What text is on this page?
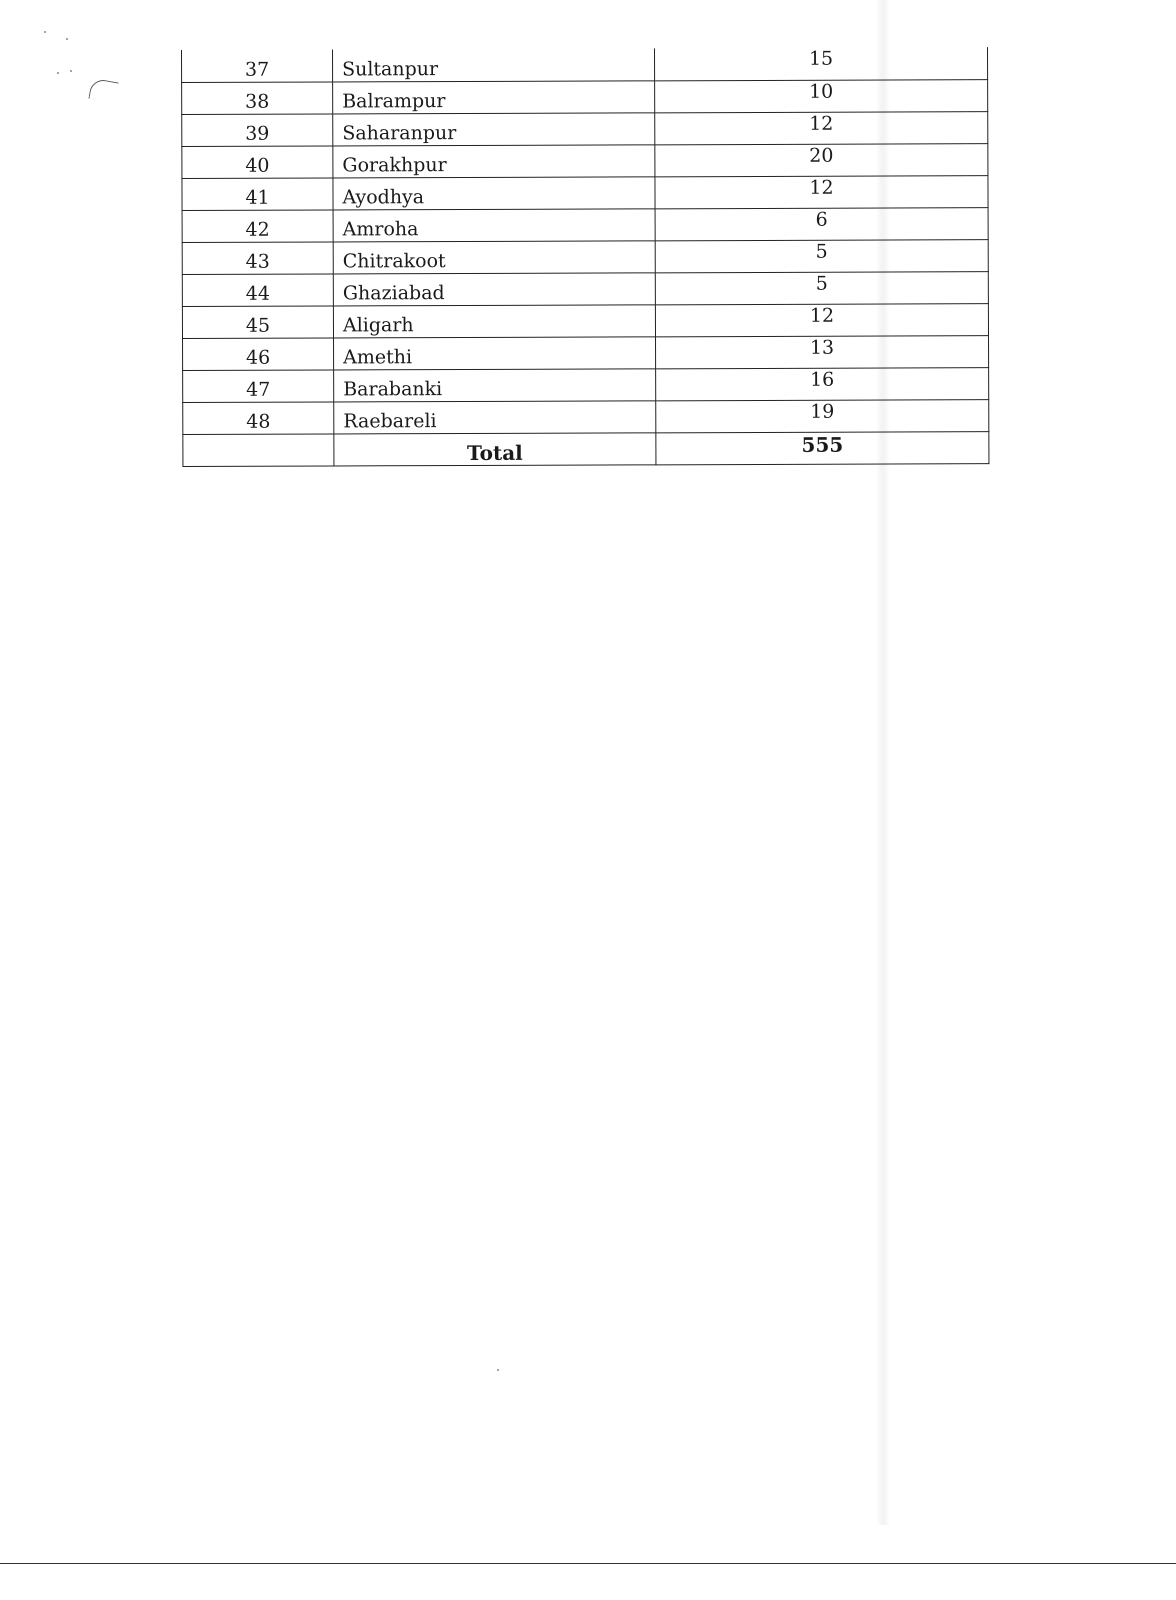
37	Sultanpur	15
38	Balrampur	10
39	Saharanpur	12
40	Gorakhpur	20
41	Ayodhya	12
42	Amroha	6
43	Chitrakoot	5
44	Ghaziabad	5
45	Aligarh	12
46	Amethi	13
47	Barabanki	16
48	Raebareli	19
	Total	555
